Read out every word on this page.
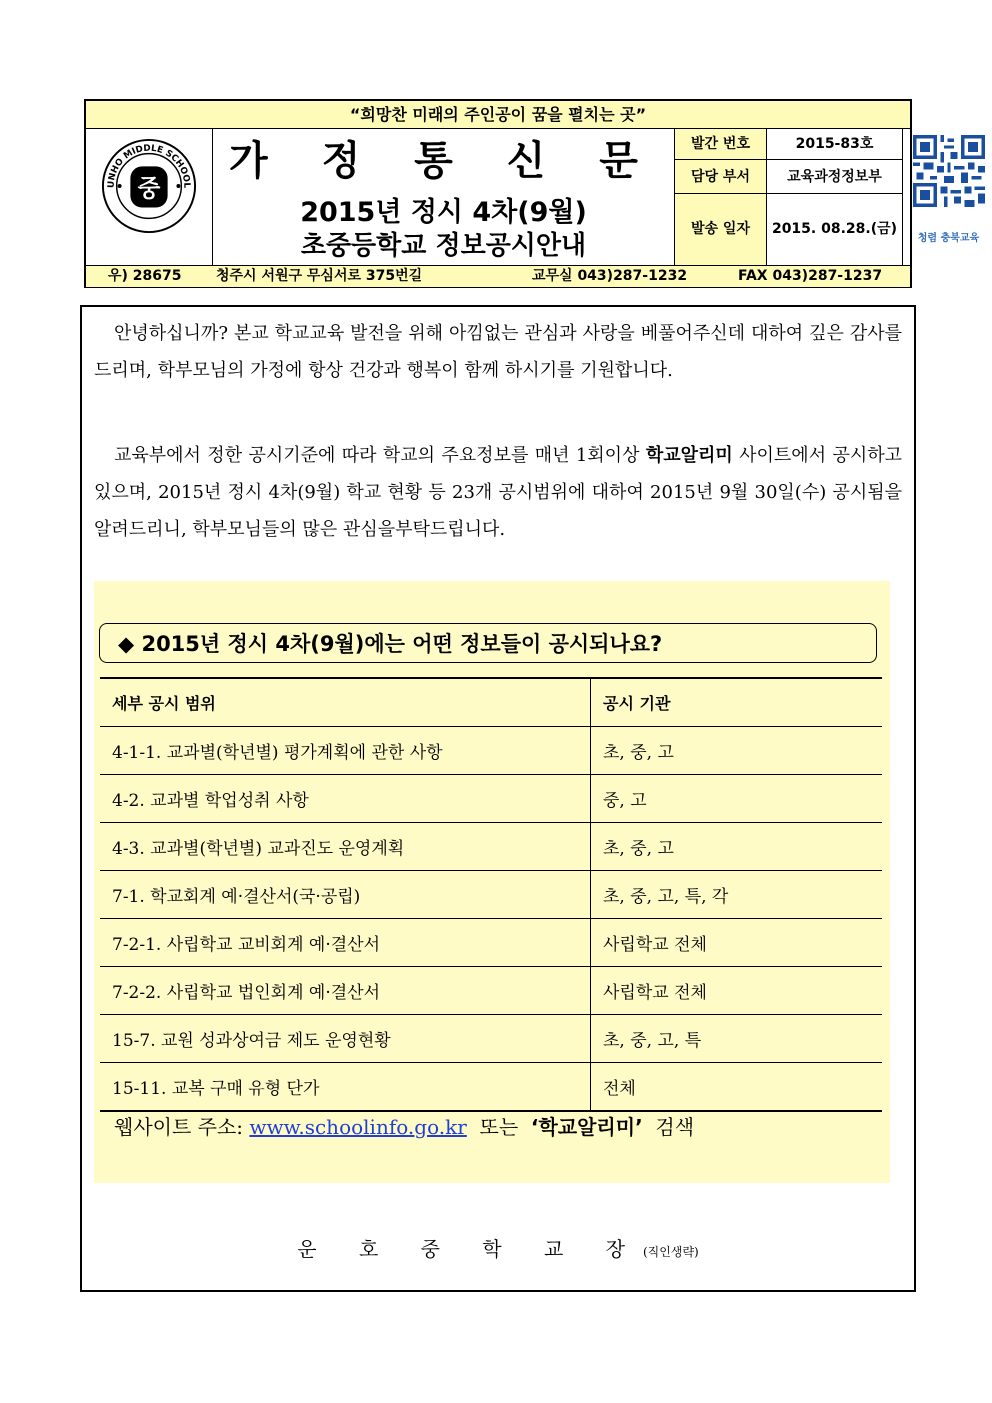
“희망찬 미래의 주인공이 꿈을 펼치는 곳”
UNHO MIDDLE SCHOOL
중
가 정 통 신 문
2015년 정시 4차(9월)
초중등학교 정보공시안내
발간 번호	2015-83호
담당 부서	교육과정정보부
발송 일자	2015. 08.28.(금)
청렴 충북교육
우) 28675 청주시 서원구 무심서로 375번길	교무실 043)287-1232	FAX 043)287-1237
안녕하십니까? 본교 학교교육 발전을 위해 아낌없는 관심과 사랑을 베풀어주신데 대하여 깊은 감사를 드리며, 학부모님의 가정에 항상 건강과 행복이 함께 하시기를 기원합니다.
교육부에서 정한 공시기준에 따라 학교의 주요정보를 매년 1회이상 학교알리미 사이트에서 공시하고 있으며, 2015년 정시 4차(9월) 학교 현황 등 23개 공시범위에 대하여 2015년 9월 30일(수) 공시됨을 알려드리니, 학부모님들의 많은 관심을부탁드립니다.
◆ 2015년 정시 4차(9월)에는 어떤 정보들이 공시되나요?
세부 공시 범위	공시 기관
4-1-1. 교과별(학년별) 평가계획에 관한 사항	초, 중, 고
4-2. 교과별 학업성취 사항	중, 고
4-3. 교과별(학년별) 교과진도 운영계획	초, 중, 고
7-1. 학교회계 예·결산서(국·공립)	초, 중, 고, 특, 각
7-2-1. 사립학교 교비회계 예·결산서	사립학교 전체
7-2-2. 사립학교 법인회계 예·결산서	사립학교 전체
15-7. 교원 성과상여금 제도 운영현황	초, 중, 고, 특
15-11. 교복 구매 유형 단가	전체
웹사이트 주소: www.schoolinfo.go.kr  또는  ‘학교알리미’  검색
운 호 중 학 교 장(직인생략)
